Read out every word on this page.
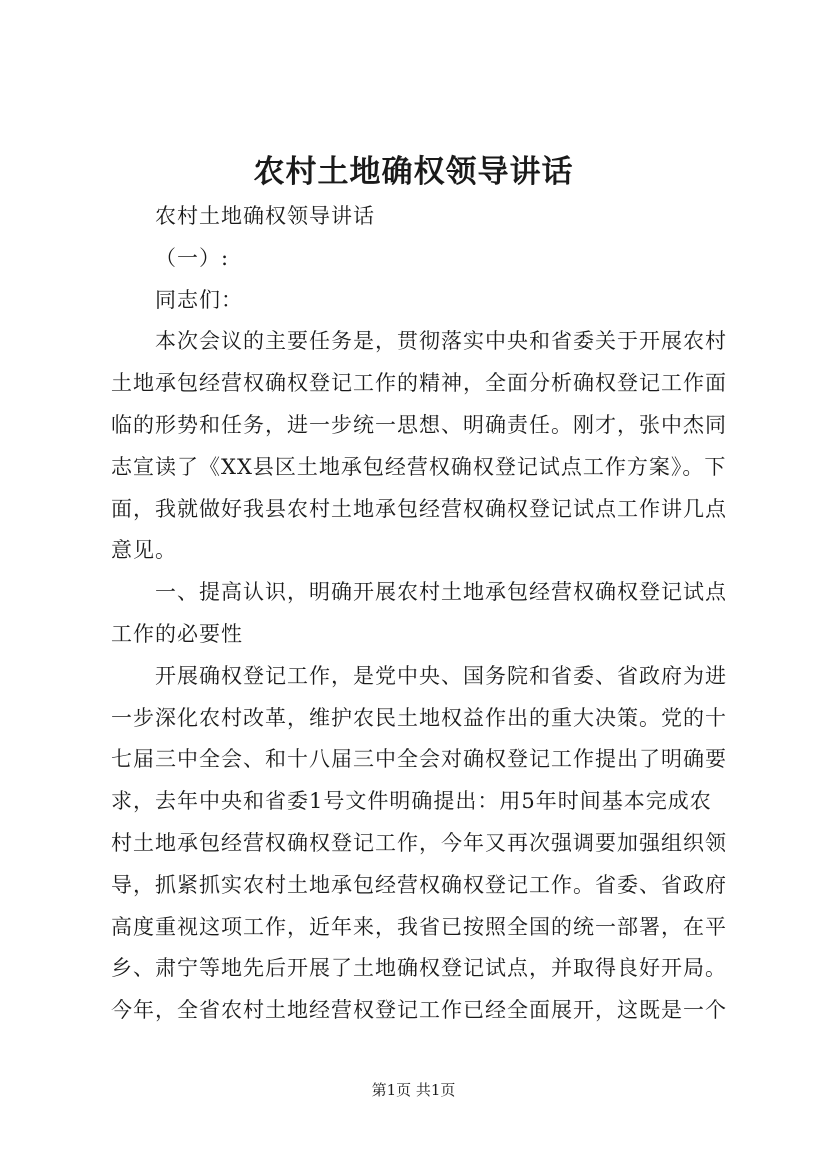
农村土地确权领导讲话
农村土地确权领导讲话
（一）:
同志们：
本次会议的主要任务是，贯彻落实中央和省委关于开展农村
土地承包经营权确权登记工作的精神，全面分析确权登记工作面
临的形势和任务，进一步统一思想、明确责任。刚才，张中杰同
志宣读了《XX县区土地承包经营权确权登记试点工作方案》。下
面，我就做好我县农村土地承包经营权确权登记试点工作讲几点
意见。
一、提高认识，明确开展农村土地承包经营权确权登记试点
工作的必要性
开展确权登记工作，是党中央、国务院和省委、省政府为进
一步深化农村改革，维护农民土地权益作出的重大决策。党的十
七届三中全会、和十八届三中全会对确权登记工作提出了明确要
求，去年中央和省委1号文件明确提出：用5年时间基本完成农
村土地承包经营权确权登记工作，今年又再次强调要加强组织领
导，抓紧抓实农村土地承包经营权确权登记工作。省委、省政府
高度重视这项工作，近年来，我省已按照全国的统一部署，在平
乡、肃宁等地先后开展了土地确权登记试点，并取得良好开局。
今年，全省农村土地经营权登记工作已经全面展开，这既是一个
第1页 共1页
